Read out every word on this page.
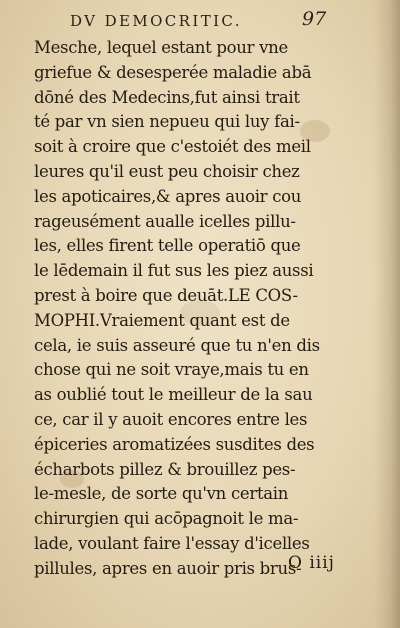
DV DEMOCRITIC.	97
Mesche, lequel estant pour vne
griefue & desesperée maladie abā
dōné des Medecins,fut ainsi trait
té par vn sien nepueu qui luy fai-
soit à croire que c'estoiét des meil
leures qu'il eust peu choisir chez
les apoticaires,& apres auoir cou
rageusément aualle icelles pillu-
les, elles firent telle operatiō que
le lēdemain il fut sus les piez aussi
prest à boire que deuāt.LE COS-
MOPHI.Vraiement quant est de
cela, ie suis asseuré que tu n'en dis
chose qui ne soit vraye,mais tu en
as oublié tout le meilleur de la sau
ce, car il y auoit encores entre les
épiceries aromatizées susdites des
écharbots pillez & brouillez pes-
le-mesle, de sorte qu'vn certain
chirurgien qui acōpagnoit le ma-
lade, voulant faire l'essay d'icelles
pillules, apres en auoir pris brus-
O iiij
